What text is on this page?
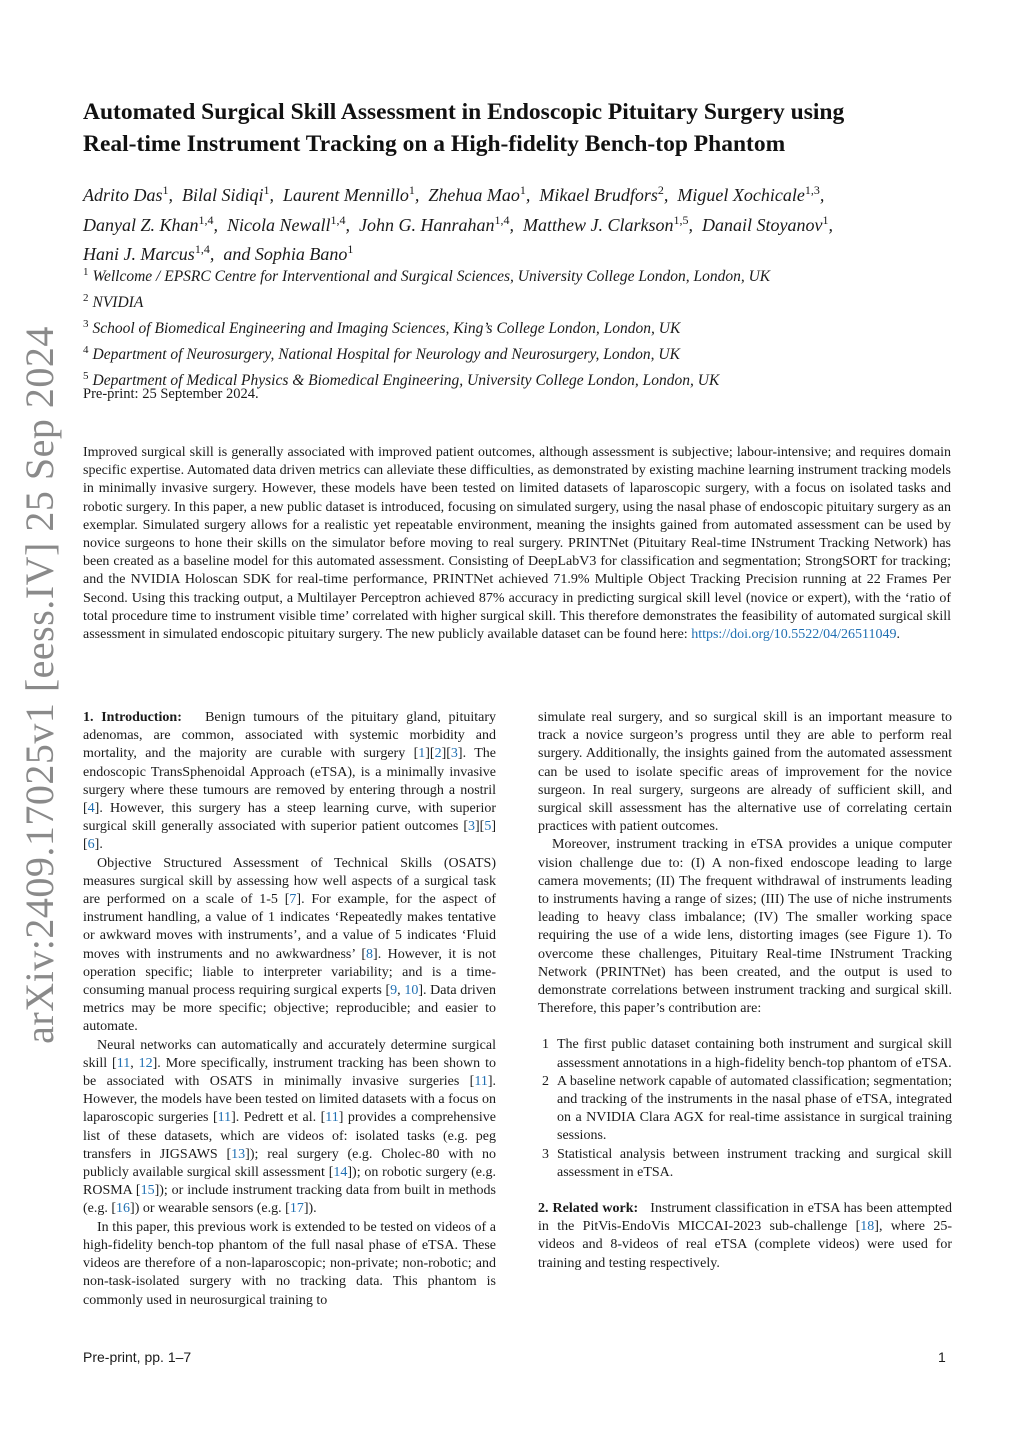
arXiv:2409.17025v1 [eess.IV] 25 Sep 2024
Automated Surgical Skill Assessment in Endoscopic Pituitary Surgery using
Real-time Instrument Tracking on a High-fidelity Bench-top Phantom
Adrito Das$^1$, Bilal Sidiqi$^1$, Laurent Mennillo$^1$, Zhehua Mao$^1$, Mikael Brudfors$^2$, Miguel Xochicale$^{1,3}$,
Danyal Z. Khan$^{1,4}$, Nicola Newall$^{1,4}$, John G. Hanrahan$^{1,4}$, Matthew J. Clarkson$^{1,5}$, Danail Stoyanov$^1$,
Hani J. Marcus$^{1,4}$, and Sophia Bano$^1$
$^1$ Wellcome / EPSRC Centre for Interventional and Surgical Sciences, University College London, London, UK
$^2$ NVIDIA
$^3$ School of Biomedical Engineering and Imaging Sciences, King’s College London, London, UK
$^4$ Department of Neurosurgery, National Hospital for Neurology and Neurosurgery, London, UK
$^5$ Department of Medical Physics & Biomedical Engineering, University College London, London, UK
Pre-print: 25 September 2024.
Improved surgical skill is generally associated with improved patient outcomes, although assessment is subjective; labour-intensive; and requires domain specific expertise. Automated data driven metrics can alleviate these difficulties, as demonstrated by existing machine learning instrument tracking models in minimally invasive surgery. However, these models have been tested on limited datasets of laparoscopic surgery, with a focus on isolated tasks and robotic surgery. In this paper, a new public dataset is introduced, focusing on simulated surgery, using the nasal phase of endoscopic pituitary surgery as an exemplar. Simulated surgery allows for a realistic yet repeatable environment, meaning the insights gained from automated assessment can be used by novice surgeons to hone their skills on the simulator before moving to real surgery. PRINTNet (Pituitary Real-time INstrument Tracking Network) has been created as a baseline model for this automated assessment. Consisting of DeepLabV3 for classification and segmentation; StrongSORT for tracking; and the NVIDIA Holoscan SDK for real-time performance, PRINTNet achieved 71.9% Multiple Object Tracking Precision running at 22 Frames Per Second. Using this tracking output, a Multilayer Perceptron achieved 87% accuracy in predicting surgical skill level (novice or expert), with the ‘ratio of total procedure time to instrument visible time’ correlated with higher surgical skill. This therefore demonstrates the feasibility of automated surgical skill assessment in simulated endoscopic pituitary surgery. The new publicly available dataset can be found here: https://doi.org/10.5522/04/26511049.

1. Introduction: Benign tumours of the pituitary gland, pituitary adenomas, are common, associated with systemic morbidity and mortality, and the majority are curable with surgery [1][2][3]. The endoscopic TransSphenoidal Approach (eTSA), is a minimally invasive surgery where these tumours are removed by entering through a nostril [4]. However, this surgery has a steep learning curve, with superior surgical skill generally associated with superior patient outcomes [3][5][6].

Objective Structured Assessment of Technical Skills (OSATS) measures surgical skill by assessing how well aspects of a surgical task are performed on a scale of 1-5 [7]. For example, for the aspect of instrument handling, a value of 1 indicates ‘Repeatedly makes tentative or awkward moves with instruments’, and a value of 5 indicates ‘Fluid moves with instruments and no awkwardness’ [8]. However, it is not operation specific; liable to interpreter variability; and is a time-consuming manual process requiring surgical experts [9, 10]. Data driven metrics may be more specific; objective; reproducible; and easier to automate.

Neural networks can automatically and accurately determine surgical skill [11, 12]. More specifically, instrument tracking has been shown to be associated with OSATS in minimally invasive surgeries [11]. However, the models have been tested on limited datasets with a focus on laparoscopic surgeries [11]. Pedrett et al. [11] provides a comprehensive list of these datasets, which are videos of: isolated tasks (e.g. peg transfers in JIGSAWS [13]); real surgery (e.g. Cholec-80 with no publicly available surgical skill assessment [14]); on robotic surgery (e.g. ROSMA [15]); or include instrument tracking data from built in methods (e.g. [16]) or wearable sensors (e.g. [17]).

In this paper, this previous work is extended to be tested on videos of a high-fidelity bench-top phantom of the full nasal phase of eTSA. These videos are therefore of a non-laparoscopic; non-private; non-robotic; and non-task-isolated surgery with no tracking data. This phantom is commonly used in neurosurgical training to

simulate real surgery, and so surgical skill is an important measure to track a novice surgeon’s progress until they are able to perform real surgery. Additionally, the insights gained from the automated assessment can be used to isolate specific areas of improvement for the novice surgeon. In real surgery, surgeons are already of sufficient skill, and surgical skill assessment has the alternative use of correlating certain practices with patient outcomes.

Moreover, instrument tracking in eTSA provides a unique computer vision challenge due to: (I) A non-fixed endoscope leading to large camera movements; (II) The frequent withdrawal of instruments leading to instruments having a range of sizes; (III) The use of niche instruments leading to heavy class imbalance; (IV) The smaller working space requiring the use of a wide lens, distorting images (see Figure 1). To overcome these challenges, Pituitary Real-time INstrument Tracking Network (PRINTNet) has been created, and the output is used to demonstrate correlations between instrument tracking and surgical skill. Therefore, this paper’s contribution are:

1 The first public dataset containing both instrument and surgical skill assessment annotations in a high-fidelity bench-top phantom of eTSA.
2 A baseline network capable of automated classification; segmentation; and tracking of the instruments in the nasal phase of eTSA, integrated on a NVIDIA Clara AGX for real-time assistance in surgical training sessions.
3 Statistical analysis between instrument tracking and surgical skill assessment in eTSA.

2. Related work: Instrument classification in eTSA has been attempted in the PitVis-EndoVis MICCAI-2023 sub-challenge [18], where 25-videos and 8-videos of real eTSA (complete videos) were used for training and testing respectively.

Pre-print, pp. 1–7	1
